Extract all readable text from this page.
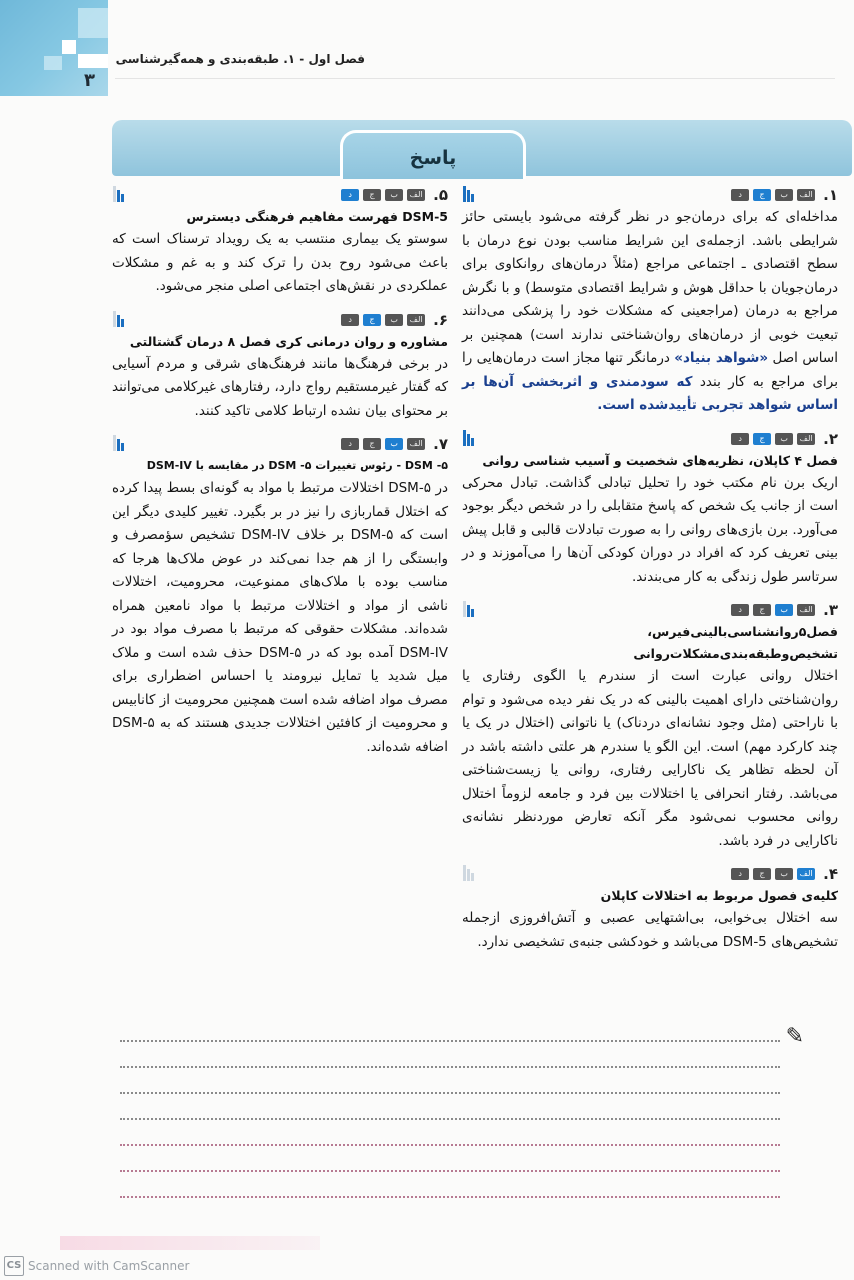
۳
فصل اول - ۱. طبقه‌بندی و همه‌گیرشناسی
پاسخ
۱.
الف
ب
ج
د
مداخله‌ای که برای درمان‌جو در نظر گرفته می‌شود بایستی حائز شرایطی باشد. ازجمله‌ی این شرایط مناسب بودن نوع درمان با سطح اقتصادی ـ اجتماعی مراجع (مثلاً درمان‌های روانکاوی برای درمان‌جویان با حداقل هوش و شرایط اقتصادی متوسط) و با نگرش مراجع به درمان (مراجعینی که مشکلات خود را پزشکی می‌دانند تبعیت خوبی از درمان‌های روان‌شناختی ندارند است) همچنین بر اساس اصل «شواهد بنیاد» درمانگر تنها مجاز است درمان‌هایی را برای مراجع به کار بندد که سودمندی و اثربخشی آن‌ها بر اساس شواهد تجربی تأییدشده است.
۲.
الف
ب
ج
د
فصل ۴ کاپلان، نظریه‌های شخصیت و آسیب شناسی روانی
اریک برن نام مکتب خود را تحلیل تبادلی گذاشت. تبادل محرکی است از جانب یک شخص که پاسخ متقابلی را در شخص دیگر بوجود می‌آورد. برن بازی‌های روانی را به صورت تبادلات قالبی و قابل پیش بینی تعریف کرد که افراد در دوران کودکی آن‌ها را می‌آموزند و در سرتاسر طول زندگی به کار می‌بندند.
۳.
الف
ب
ج
د
فصل۵روانشناسی‌بالینی‌فیرس، تشخیص‌وطبقه‌بندی‌مشکلات‌روانی
اختلال روانی عبارت است از سندرم یا الگوی رفتاری یا روان‌شناختی دارای اهمیت بالینی که در یک نفر دیده می‌شود و توام با ناراحتی (مثل وجود نشانه‌ای دردناک) یا ناتوانی (اختلال در یک یا چند کارکرد مهم) است. این الگو یا سندرم هر علتی داشته باشد در آن لحظه تظاهر یک ناکارایی رفتاری، روانی یا زیست‌شناختی می‌باشد. رفتار انحرافی یا اختلالات بین فرد و جامعه لزوماً اختلال روانی محسوب نمی‌شود مگر آنکه تعارض موردنظر نشانه‌ی ناکارایی در فرد باشد.
۴.
الف
ب
ج
د
کلیه‌ی فصول مربوط به اختلالات کاپلان
سه اختلال بی‌خوابی، بی‌اشتهایی عصبی و آتش‌افروزی ازجمله تشخیص‌های DSM-5 می‌باشد و خودکشی جنبه‌ی تشخیصی ندارد.
۵.
الف
ب
ج
د
DSM-5 فهرست مفاهیم فرهنگی دیسترس
سوستو یک بیماری منتسب به یک رویداد ترسناک است که باعث می‌شود روح بدن را ترک کند و به غم و مشکلات عملکردی در نقش‌های اجتماعی اصلی منجر می‌شود.
۶.
الف
ب
ج
د
مشاوره و روان درمانی کری فصل ۸ درمان گشتالتی
در برخی فرهنگ‌ها مانند فرهنگ‌های شرقی و مردم آسیایی که گفتار غیرمستقیم رواج دارد، رفتارهای غیرکلامی می‌توانند بر محتوای بیان نشده ارتباط کلامی تاکید کنند.
۷.
الف
ب
ج
د
۵- DSM - رئوس تغییرات ۵- DSM در مقایسه با DSM-IV
در ۵-DSM اختلالات مرتبط با مواد به گونه‌ای بسط پیدا کرده که اختلال قماربازی را نیز در بر بگیرد. تغییر کلیدی دیگر این است که ۵-DSM بر خلاف DSM-IV تشخیص سؤمصرف و وابستگی را از هم جدا نمی‌کند در عوض ملاک‌ها هرجا که مناسب بوده با ملاک‌های ممنوعیت، محرومیت، اختلالات ناشی از مواد و اختلالات مرتبط با مواد نامعین همراه شده‌اند. مشکلات حقوقی که مرتبط با مصرف مواد بود در DSM-IV آمده بود که در ۵-DSM حذف شده است و ملاک میل شدید یا تمایل نیرومند یا احساس اضطراری برای مصرف مواد اضافه شده است همچنین محرومیت از کانابیس و محرومیت از کافئین اختلالات جدیدی هستند که به ۵-DSM اضافه شده‌اند.
✎
CS Scanned with CamScanner
